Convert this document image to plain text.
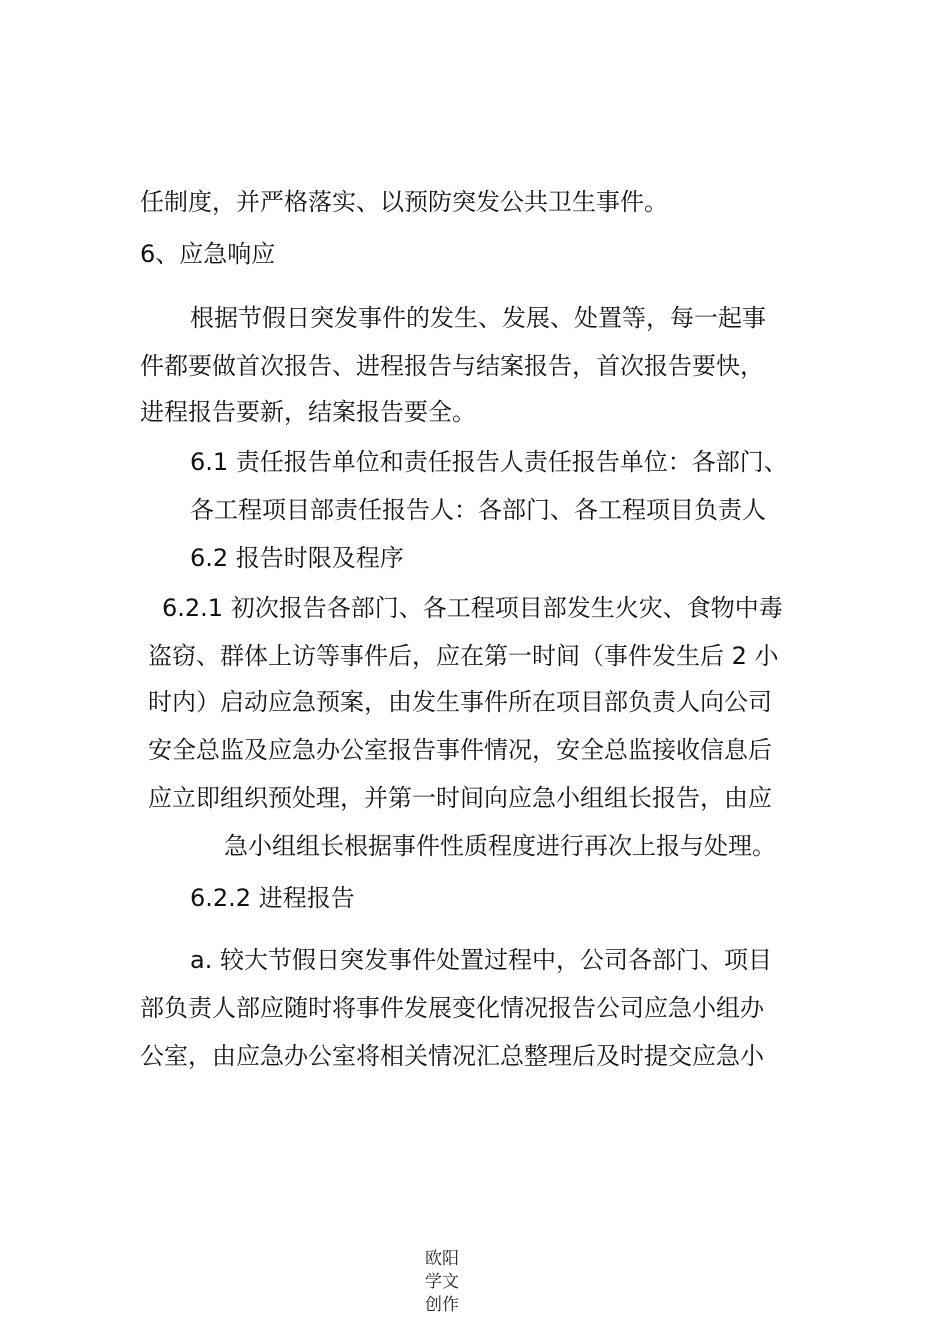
任制度，并严格落实、以预防突发公共卫生事件。

6、应急响应

根据节假日突发事件的发生、发展、处置等，每一起事

件都要做首次报告、进程报告与结案报告，首次报告要快，

进程报告要新，结案报告要全。

6.1 责任报告单位和责任报告人责任报告单位：各部门、

各工程项目部责任报告人：各部门、各工程项目负责人

6.2 报告时限及程序

6.2.1 初次报告各部门、各工程项目部发生火灾、食物中毒

盗窃、群体上访等事件后，应在第一时间（事件发生后 2 小

时内）启动应急预案，由发生事件所在项目部负责人向公司

安全总监及应急办公室报告事件情况，安全总监接收信息后

应立即组织预处理，并第一时间向应急小组组长报告，由应

急小组组长根据事件性质程度进行再次上报与处理。

6.2.2 进程报告

a. 较大节假日突发事件处置过程中，公司各部门、项目

部负责人部应随时将事件发展变化情况报告公司应急小组办

公室，由应急办公室将相关情况汇总整理后及时提交应急小

欧阳
学文
创作
